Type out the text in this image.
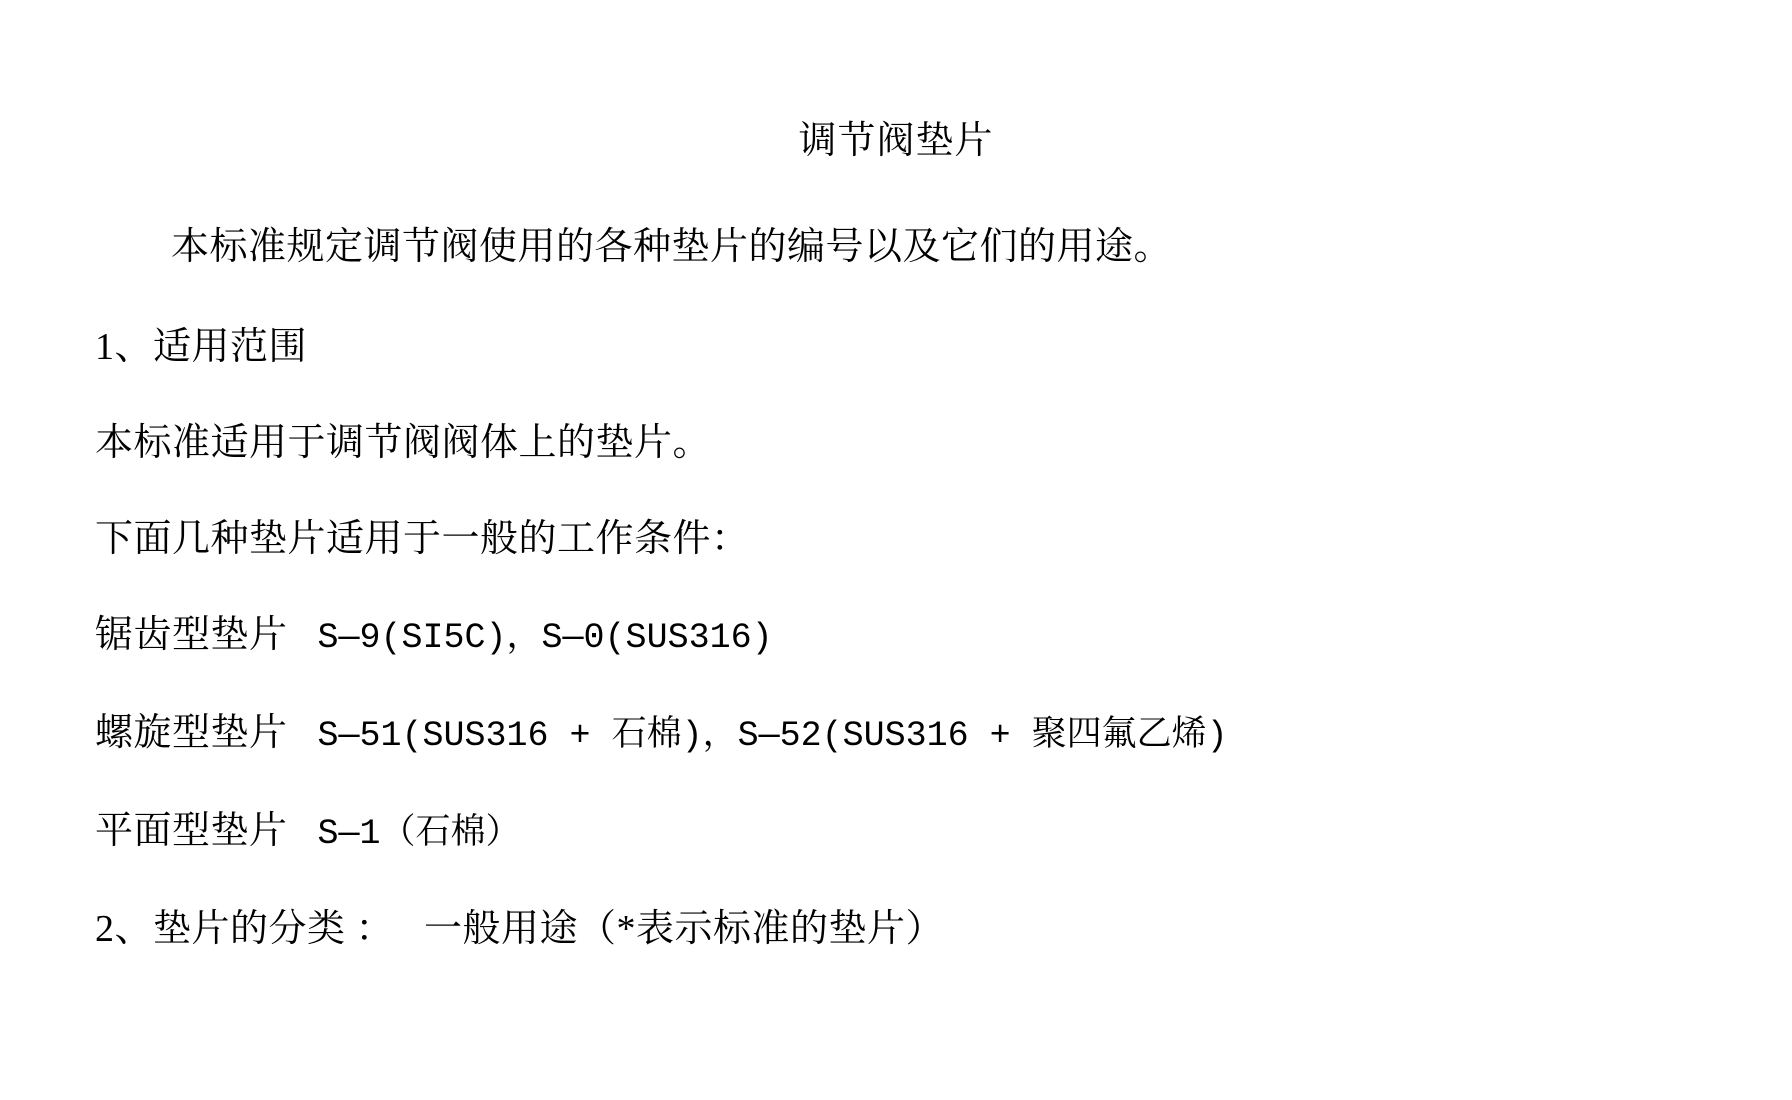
调节阀垫片
本标准规定调节阀使用的各种垫片的编号以及它们的用途。
1、适用范围
本标准适用于调节阀阀体上的垫片。
下面几种垫片适用于一般的工作条件：
锯齿型垫片 S—9(SI5C)，S—0(SUS316)
螺旋型垫片 S—51(SUS316 + 石棉)，S—52(SUS316 + 聚四氟乙烯)
平面型垫片 S—1（石棉）
2、垫片的分类 ：   一般用途（*表示标准的垫片）
